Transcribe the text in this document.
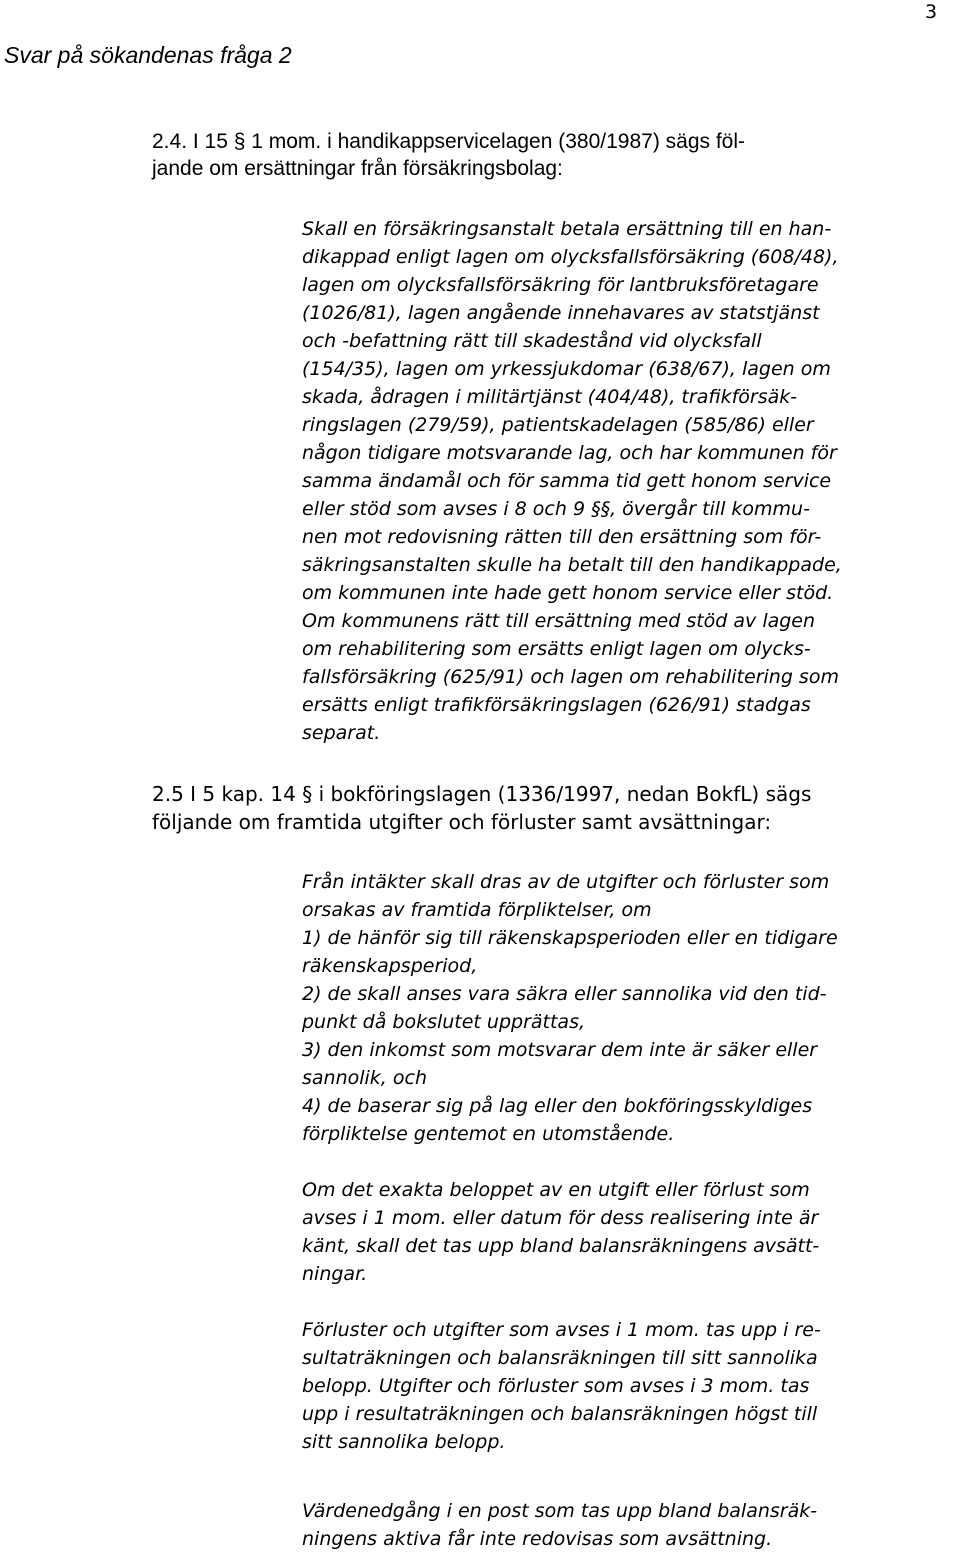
3
Svar på sökandenas fråga 2
2.4. I 15 § 1 mom. i handikappservicelagen (380/1987) sägs föl-
jande om ersättningar från försäkringsbolag:
Skall en försäkringsanstalt betala ersättning till en han-
dikappad enligt lagen om olycksfallsförsäkring (608/48),
lagen om olycksfallsförsäkring för lantbruksföretagare
(1026/81), lagen angående innehavares av statstjänst
och -befattning rätt till skadestånd vid olycksfall
(154/35), lagen om yrkessjukdomar (638/67), lagen om
skada, ådragen i militärtjänst (404/48), trafikförsäk-
ringslagen (279/59), patientskadelagen (585/86) eller
någon tidigare motsvarande lag, och har kommunen för
samma ändamål och för samma tid gett honom service
eller stöd som avses i 8 och 9 §§, övergår till kommu-
nen mot redovisning rätten till den ersättning som för-
säkringsanstalten skulle ha betalt till den handikappade,
om kommunen inte hade gett honom service eller stöd.
Om kommunens rätt till ersättning med stöd av lagen
om rehabilitering som ersätts enligt lagen om olycks-
fallsförsäkring (625/91) och lagen om rehabilitering som
ersätts enligt trafikförsäkringslagen (626/91) stadgas
separat.
2.5 I 5 kap. 14 § i bokföringslagen (1336/1997, nedan BokfL) sägs
följande om framtida utgifter och förluster samt avsättningar:
Från intäkter skall dras av de utgifter och förluster som
orsakas av framtida förpliktelser, om
1) de hänför sig till räkenskapsperioden eller en tidigare
räkenskapsperiod,
2) de skall anses vara säkra eller sannolika vid den tid-
punkt då bokslutet upprättas,
3) den inkomst som motsvarar dem inte är säker eller
sannolik, och
4) de baserar sig på lag eller den bokföringsskyldiges
förpliktelse gentemot en utomstående.
Om det exakta beloppet av en utgift eller förlust som
avses i 1 mom. eller datum för dess realisering inte är
känt, skall det tas upp bland balansräkningens avsätt-
ningar.
Förluster och utgifter som avses i 1 mom. tas upp i re-
sultaträkningen och balansräkningen till sitt sannolika
belopp. Utgifter och förluster som avses i 3 mom. tas
upp i resultaträkningen och balansräkningen högst till
sitt sannolika belopp.
Värdenedgång i en post som tas upp bland balansräk-
ningens aktiva får inte redovisas som avsättning.
